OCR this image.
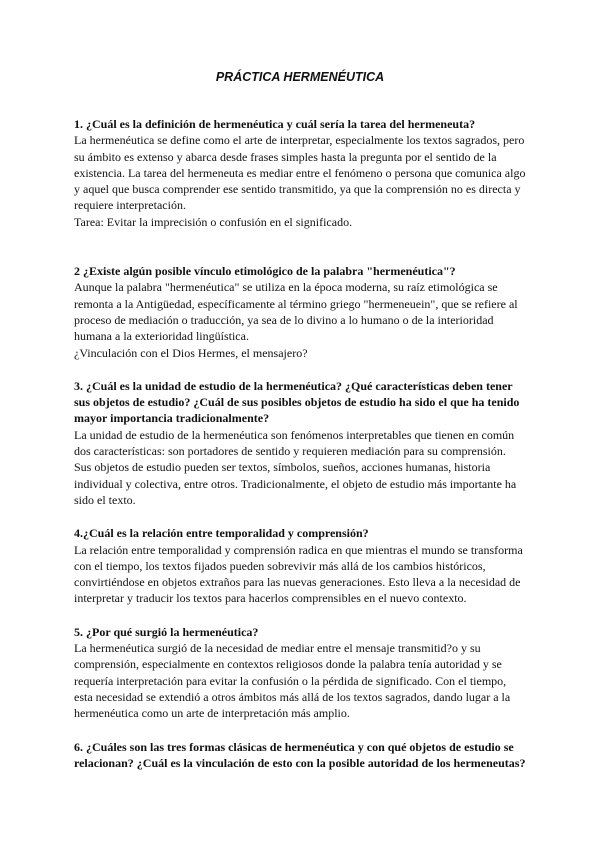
PRÁCTICA HERMENÉUTICA

1. ¿Cuál es la definición de hermenéutica y cuál sería la tarea del hermeneuta?

La hermenéutica se define como el arte de interpretar, especialmente los textos sagrados, pero su ámbito es extenso y abarca desde frases simples hasta la pregunta por el sentido de la existencia. La tarea del hermeneuta es mediar entre el fenómeno o persona que comunica algo y aquel que busca comprender ese sentido transmitido, ya que la comprensión no es directa y requiere interpretación.

Tarea: Evitar la imprecisión o confusión en el significado.

2 ¿Existe algún posible vínculo etimológico de la palabra "hermenéutica"?

Aunque la palabra "hermenéutica" se utiliza en la época moderna, su raíz etimológica se remonta a la Antigüedad, específicamente al término griego "hermeneuein", que se refiere al proceso de mediación o traducción, ya sea de lo divino a lo humano o de la interioridad humana a la exterioridad lingüística.

¿Vinculación con el Dios Hermes, el mensajero?

3. ¿Cuál es la unidad de estudio de la hermenéutica? ¿Qué características deben tener sus objetos de estudio? ¿Cuál de sus posibles objetos de estudio ha sido el que ha tenido mayor importancia tradicionalmente?

La unidad de estudio de la hermenéutica son fenómenos interpretables que tienen en común dos características: son portadores de sentido y requieren mediación para su comprensión. Sus objetos de estudio pueden ser textos, símbolos, sueños, acciones humanas, historia individual y colectiva, entre otros. Tradicionalmente, el objeto de estudio más importante ha sido el texto.

4.¿Cuál es la relación entre temporalidad y comprensión?

La relación entre temporalidad y comprensión radica en que mientras el mundo se transforma con el tiempo, los textos fijados pueden sobrevivir más allá de los cambios históricos, convirtiéndose en objetos extraños para las nuevas generaciones. Esto lleva a la necesidad de interpretar y traducir los textos para hacerlos comprensibles en el nuevo contexto.

5. ¿Por qué surgió la hermenéutica?

La hermenéutica surgió de la necesidad de mediar entre el mensaje transmitid?o y su comprensión, especialmente en contextos religiosos donde la palabra tenía autoridad y se requería interpretación para evitar la confusión o la pérdida de significado. Con el tiempo, esta necesidad se extendió a otros ámbitos más allá de los textos sagrados, dando lugar a la hermenéutica como un arte de interpretación más amplio.

6. ¿Cuáles son las tres formas clásicas de hermenéutica y con qué objetos de estudio se relacionan? ¿Cuál es la vinculación de esto con la posible autoridad de los hermeneutas?
